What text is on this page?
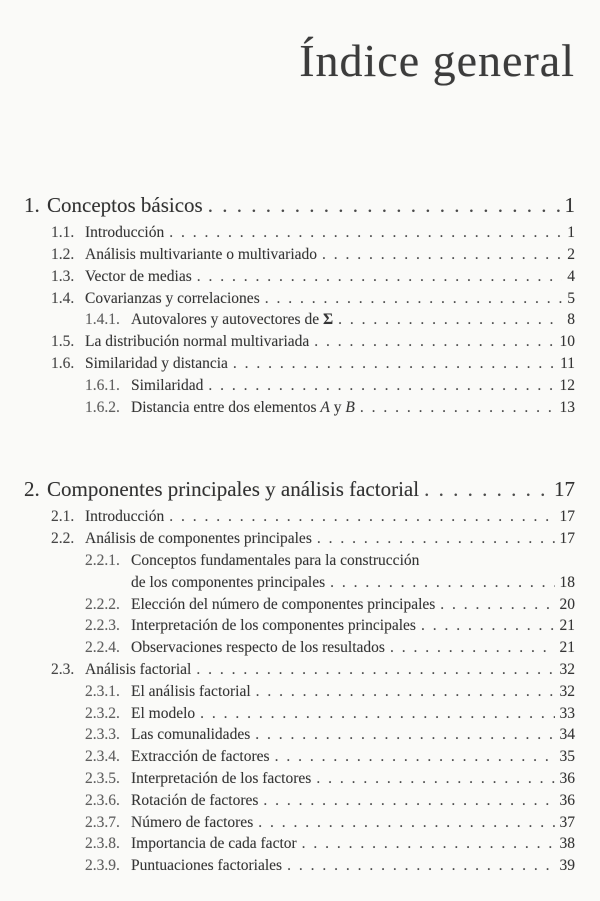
Índice general
1. Conceptos básicos . . .	1
1.1. Introducción . . .	1
1.2. Análisis multivariante o multivariado . . .	2
1.3. Vector de medias . . .	4
1.4. Covarianzas y correlaciones . . .	5
1.4.1. Autovalores y autovectores de Σ . . .	8
1.5. La distribución normal multivariada . . .	10
1.6. Similaridad y distancia . . .	11
1.6.1. Similaridad . . .	12
1.6.2. Distancia entre dos elementos A y B . . .	13
2. Componentes principales y análisis factorial . . .	17
2.1. Introducción . . .	17
2.2. Análisis de componentes principales . . .	17
2.2.1. Conceptos fundamentales para la construcción
de los componentes principales . . .	18
2.2.2. Elección del número de componentes principales . . .	20
2.2.3. Interpretación de los componentes principales . . .	21
2.2.4. Observaciones respecto de los resultados . . .	21
2.3. Análisis factorial . . .	32
2.3.1. El análisis factorial . . .	32
2.3.2. El modelo . . .	33
2.3.3. Las comunalidades . . .	34
2.3.4. Extracción de factores . . .	35
2.3.5. Interpretación de los factores . . .	36
2.3.6. Rotación de factores . . .	36
2.3.7. Número de factores . . .	37
2.3.8. Importancia de cada factor . . .	38
2.3.9. Puntuaciones factoriales . . .	39
